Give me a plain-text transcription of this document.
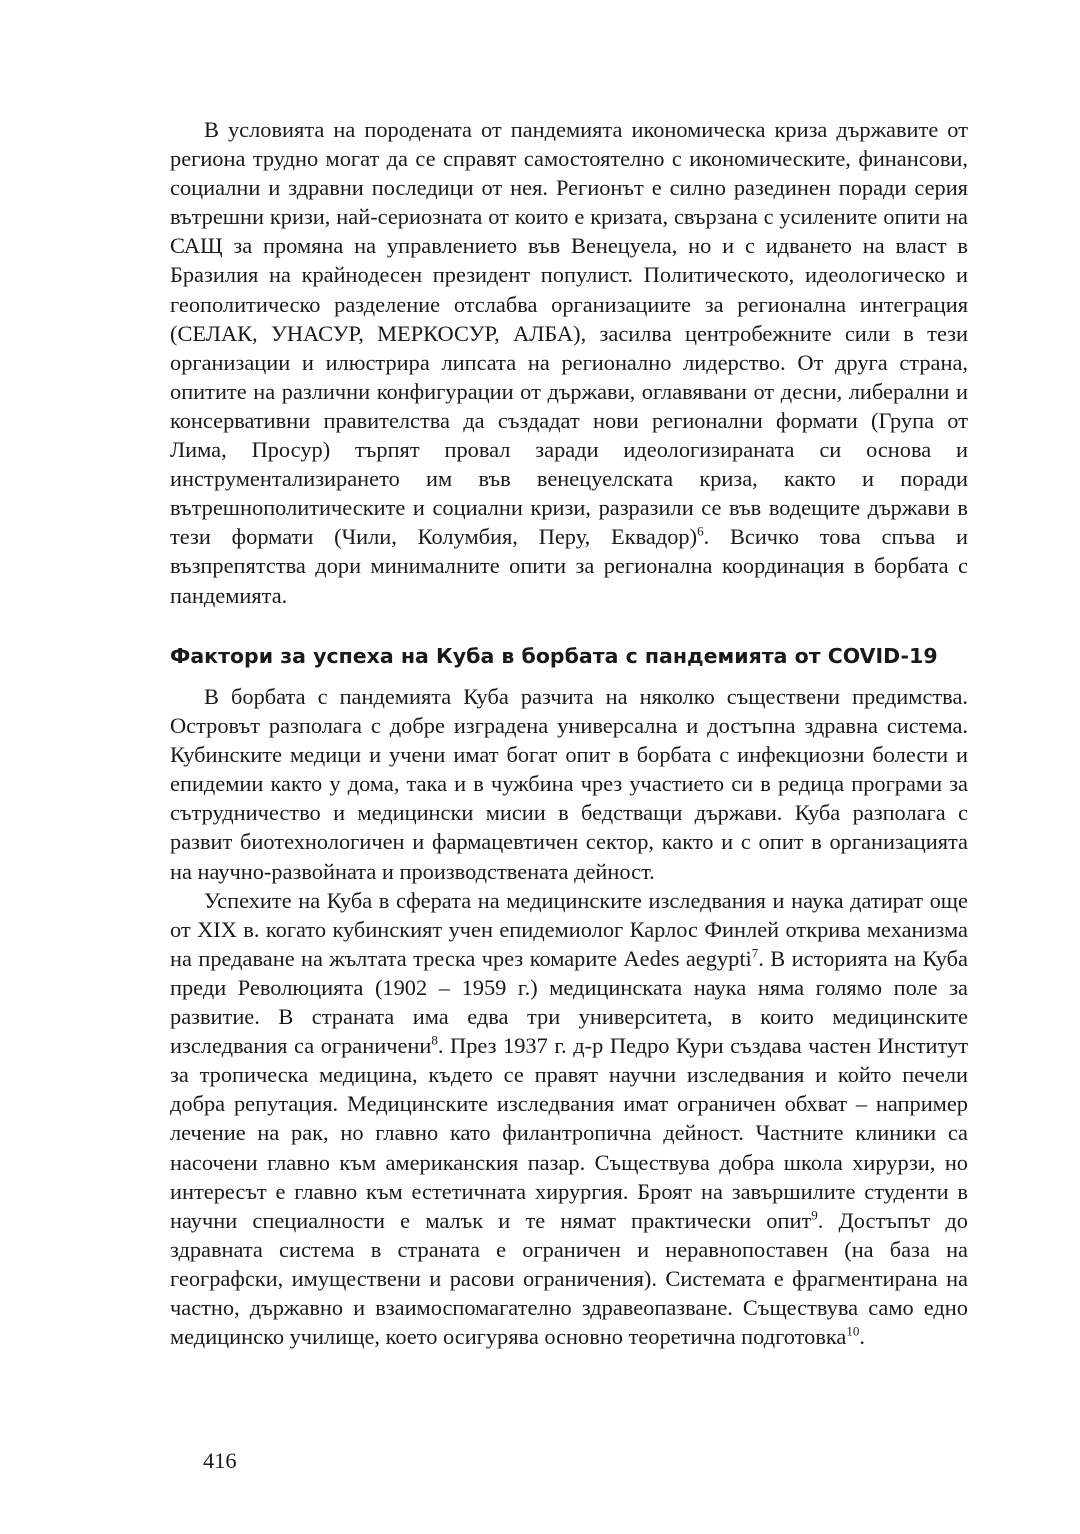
В условията на породената от пандемията икономическа криза държавите от региона трудно могат да се справят самостоятелно с икономическите, финансови, социални и здравни последици от нея. Регионът е силно разединен поради серия вътрешни кризи, най-сериозната от които е кризата, свързана с усилените опити на САЩ за промяна на управлението във Венецуела, но и с идването на власт в Бразилия на крайнодесен президент популист. Политическото, идеологическо и геополитическо разделение отслабва организациите за регионална интеграция (СЕЛАК, УНАСУР, МЕРКОСУР, АЛБА), засилва центробежните сили в тези организации и илюстрира липсата на регионално лидерство. От друга страна, опитите на различни конфигурации от държави, оглавявани от десни, либерални и консервативни правителства да създадат нови регионални формати (Група от Лима, Просур) търпят провал заради идеологизираната си основа и инструментализирането им във венецуелската криза, както и поради вътрешнополитическите и социални кризи, разразили се във водещите държави в тези формати (Чили, Колумбия, Перу, Еквадор)$^6$. Всичко това спъва и възпрепятства дори минималните опити за регионална координация в борбата с пандемията.

Фактори за успеха на Куба в борбата с пандемията от COVID-19

В борбата с пандемията Куба разчита на няколко съществени предимства. Островът разполага с добре изградена универсална и достъпна здравна система. Кубинските медици и учени имат богат опит в борбата с инфекциозни болести и епидемии както у дома, така и в чужбина чрез участието си в редица програми за сътрудничество и медицински мисии в бедстващи държави. Куба разполага с развит биотехнологичен и фармацевтичен сектор, както и с опит в организацията на научно-развойната и производствената дейност.

Успехите на Куба в сферата на медицинските изследвания и наука датират още от XIX в. когато кубинският учен епидемиолог Карлос Финлей открива механизма на предаване на жълтата треска чрез комарите Aedes aegypti$^7$. В историята на Куба преди Революцията (1902 – 1959 г.) медицинската наука няма голямо поле за развитие. В страната има едва три университета, в които медицинските изследвания са ограничени$^8$. През 1937 г. д-р Педро Кури създава частен Институт за тропическа медицина, където се правят научни изследвания и който печели добра репутация. Медицинските изследвания имат ограничен обхват – например лечение на рак, но главно като филантропична дейност. Частните клиники са насочени главно към американския пазар. Съществува добра школа хирурзи, но интересът е главно към естетичната хирургия. Броят на завършилите студенти в научни специалности е малък и те нямат практически опит$^9$. Достъпът до здравната система в страната е ограничен и неравнопоставен (на база на географски, имуществени и расови ограничения). Системата е фрагментирана на частно, държавно и взаимоспомагателно здравеопазване. Съществува само едно медицинско училище, което осигурява основно теоретична подготовка$^{10}$.

416
